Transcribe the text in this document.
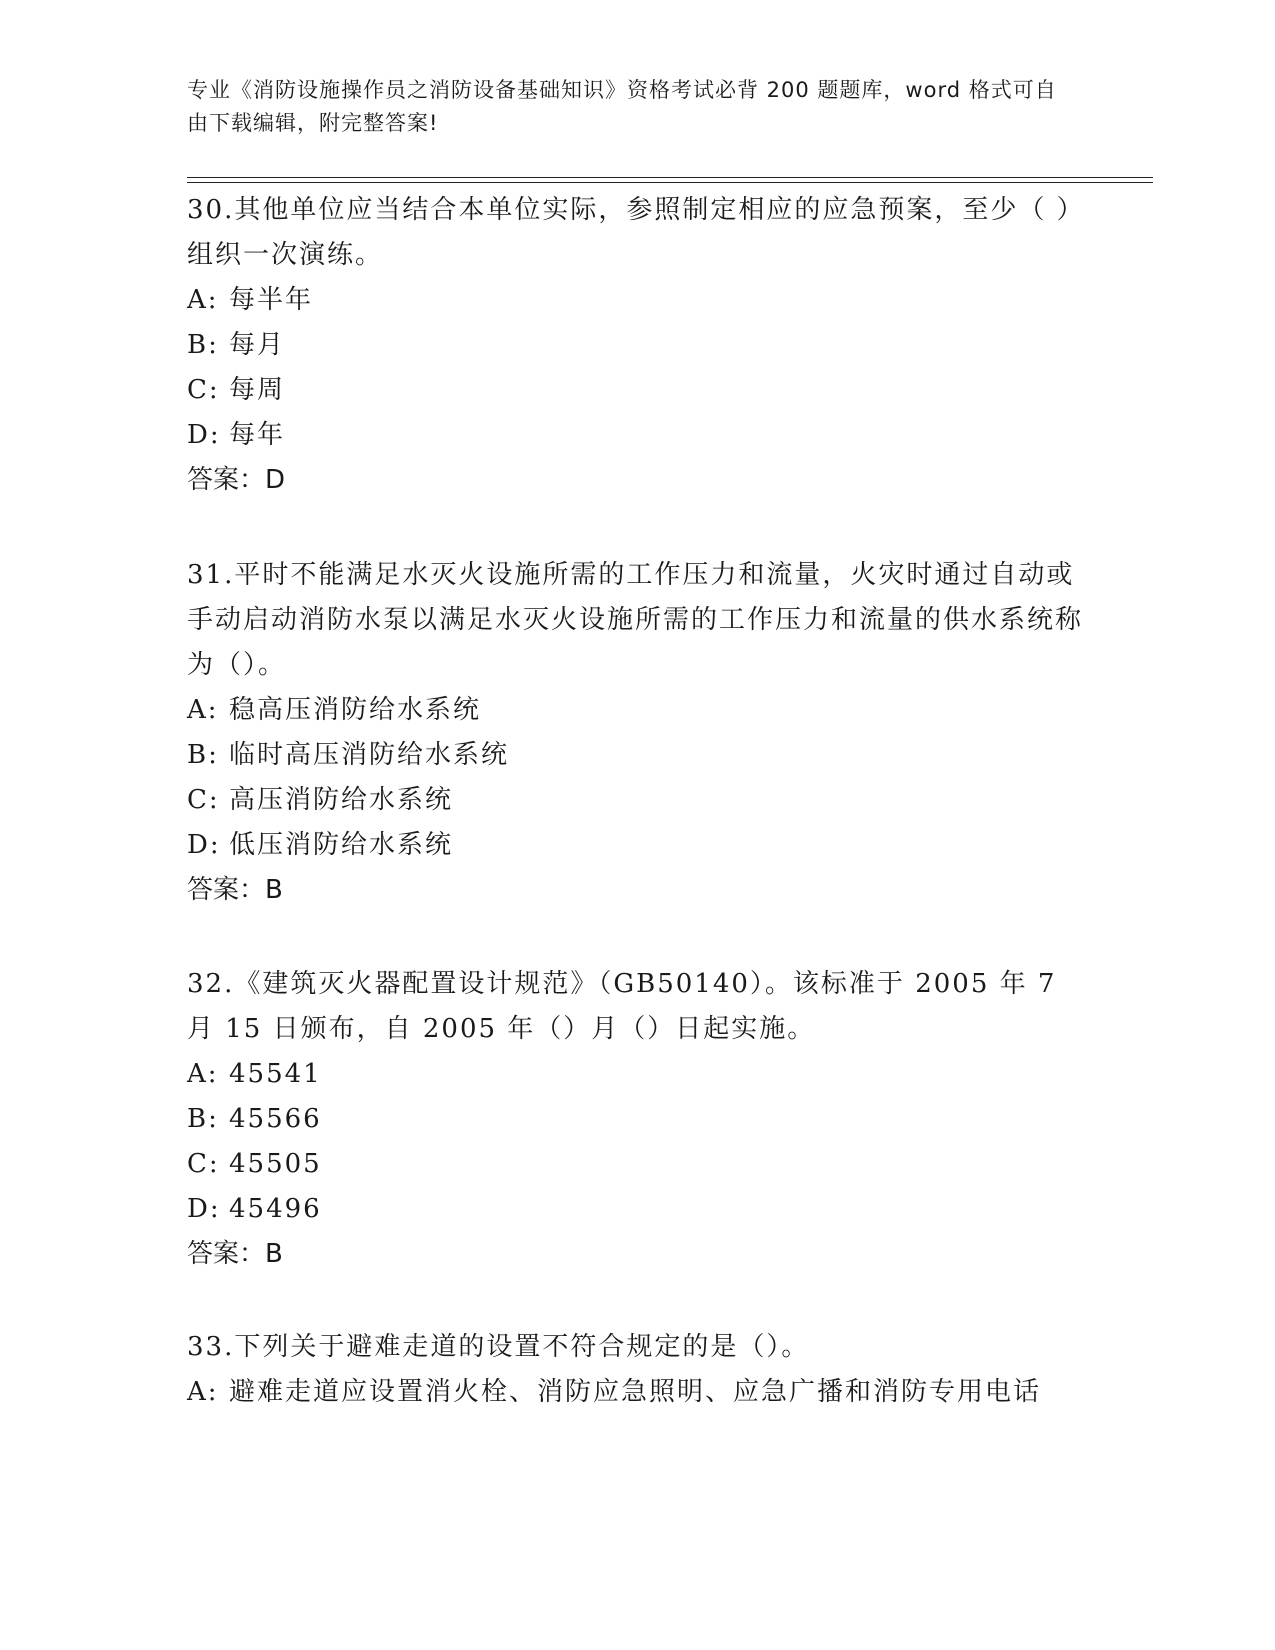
专业《消防设施操作员之消防设备基础知识》资格考试必背 200 题题库，word 格式可自由下载编辑，附完整答案!

30.其他单位应当结合本单位实际，参照制定相应的应急预案，至少（ ）组织一次演练。

A: 每半年

B: 每月

C: 每周

D: 每年

答案：D

31.平时不能满足水灭火设施所需的工作压力和流量，火灾时通过自动或手动启动消防水泵以满足水灭火设施所需的工作压力和流量的供水系统称为（）。

A: 稳高压消防给水系统

B: 临时高压消防给水系统

C: 高压消防给水系统

D: 低压消防给水系统

答案：B

32.《建筑灭火器配置设计规范》（GB50140）。该标准于 2005 年 7 月 15 日颁布，自 2005 年（）月（）日起实施。

A: 45541

B: 45566

C: 45505

D: 45496

答案：B

33.下列关于避难走道的设置不符合规定的是（）。

A: 避难走道应设置消火栓、消防应急照明、应急广播和消防专用电话
